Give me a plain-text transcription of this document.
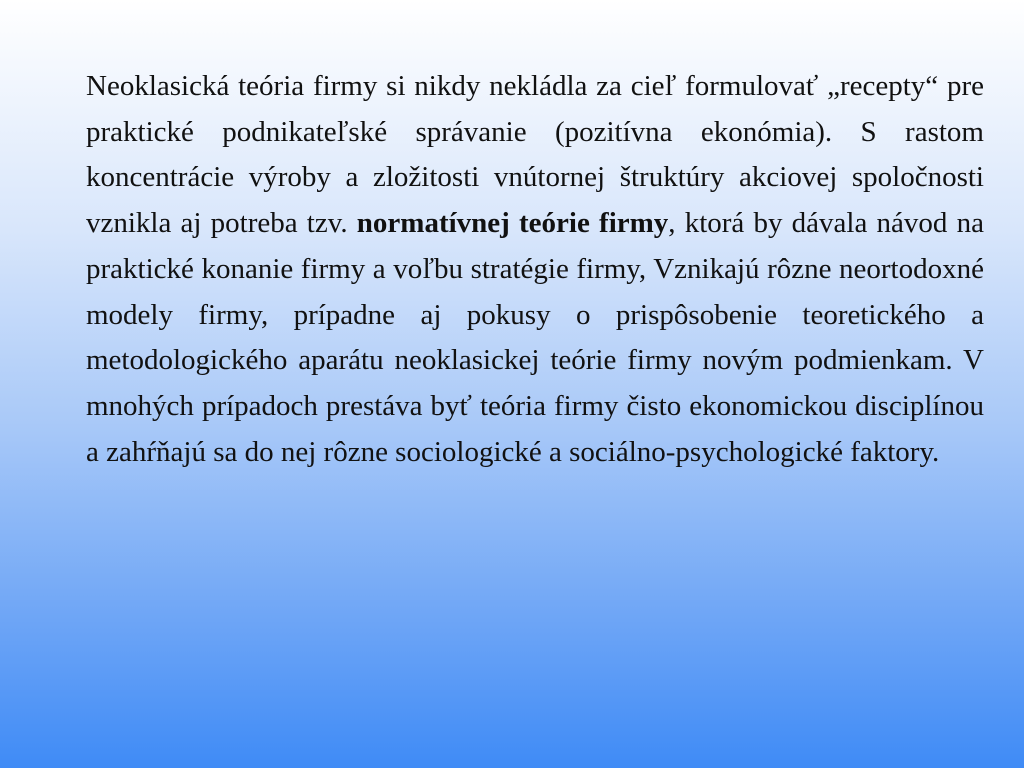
Neoklasická teória firmy si nikdy nekládla za cieľ formulovať „recepty“ pre praktické podnikateľské správanie (pozitívna ekonómia). S rastom koncentrácie výroby a zložitosti vnútornej štruktúry akciovej spoločnosti vznikla aj potreba tzv. normatívnej teórie firmy, ktorá by dávala návod na praktické konanie firmy a voľbu stratégie firmy, Vznikajú rôzne neortodoxné modely firmy, prípadne aj pokusy o prispôsobenie teoretického a metodologického aparátu neoklasickej teórie firmy novým podmienkam. V mnohých prípadoch prestáva byť teória firmy čisto ekonomickou disciplínou a zahŕňajú sa do nej rôzne sociologické a sociálno-psychologické faktory.
